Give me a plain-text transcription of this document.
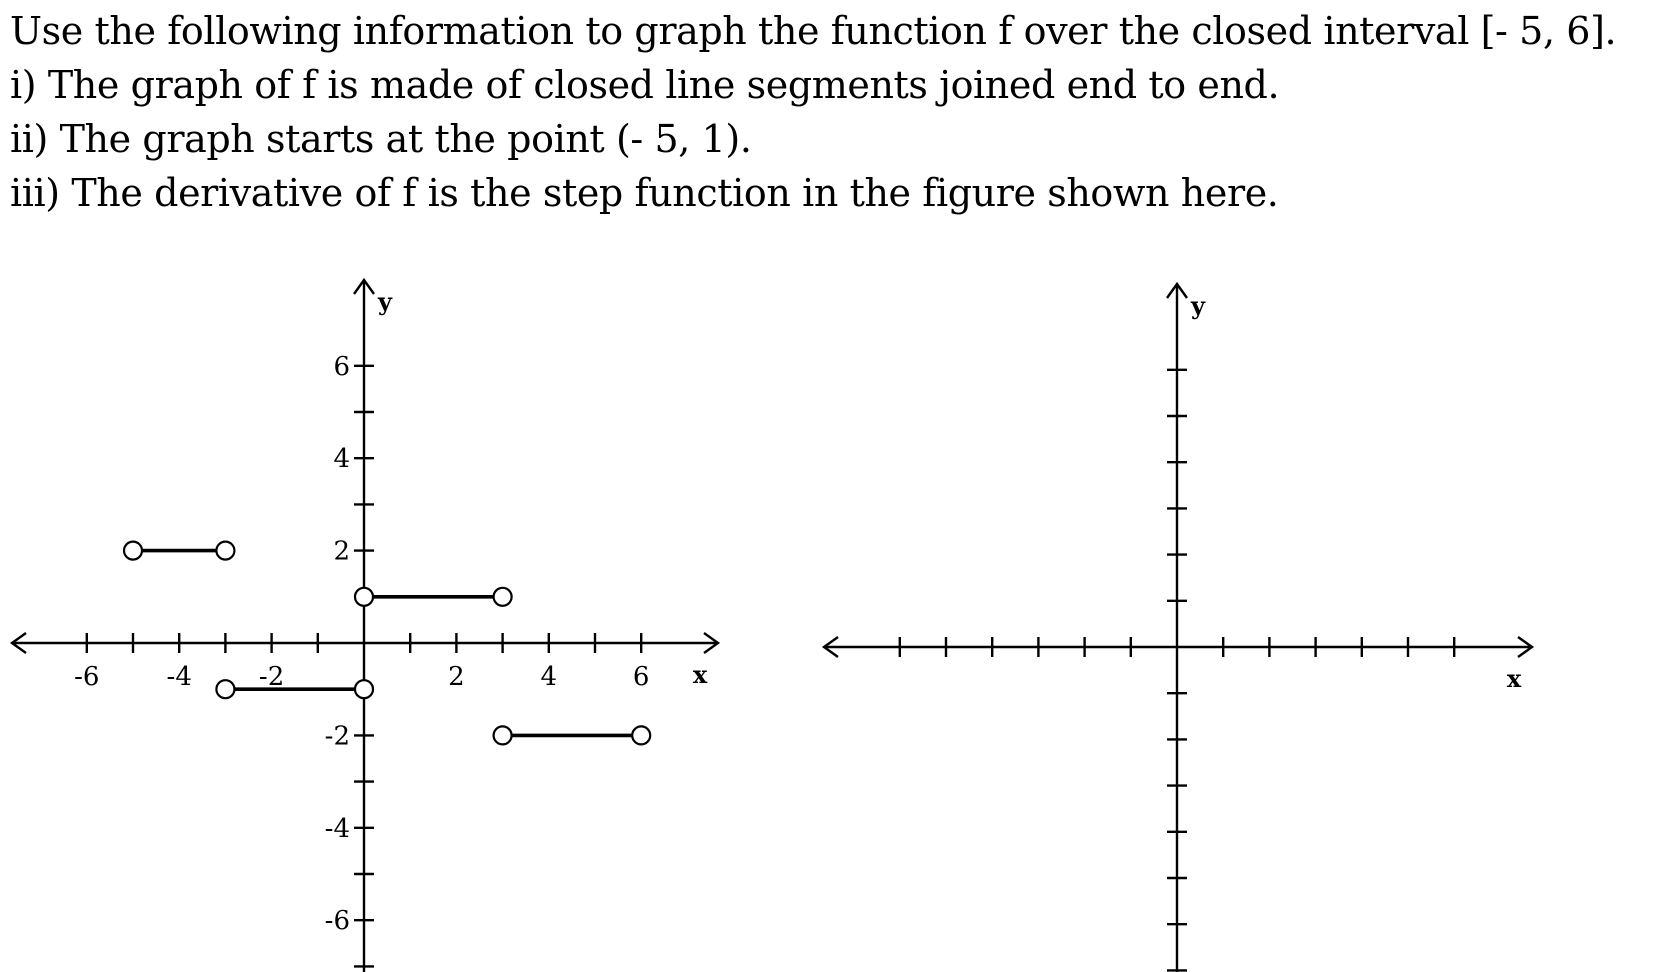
Use the following information to graph the function f over the closed interval [- 5, 6].

i) The graph of f is made of closed line segments joined end to end.

ii) The graph starts at the point (- 5, 1).

iii) The derivative of f is the step function in the figure shown here.

-6	-4	-2	2	4	6
6
4
2
-2
-4
-6
x
y
x
y
